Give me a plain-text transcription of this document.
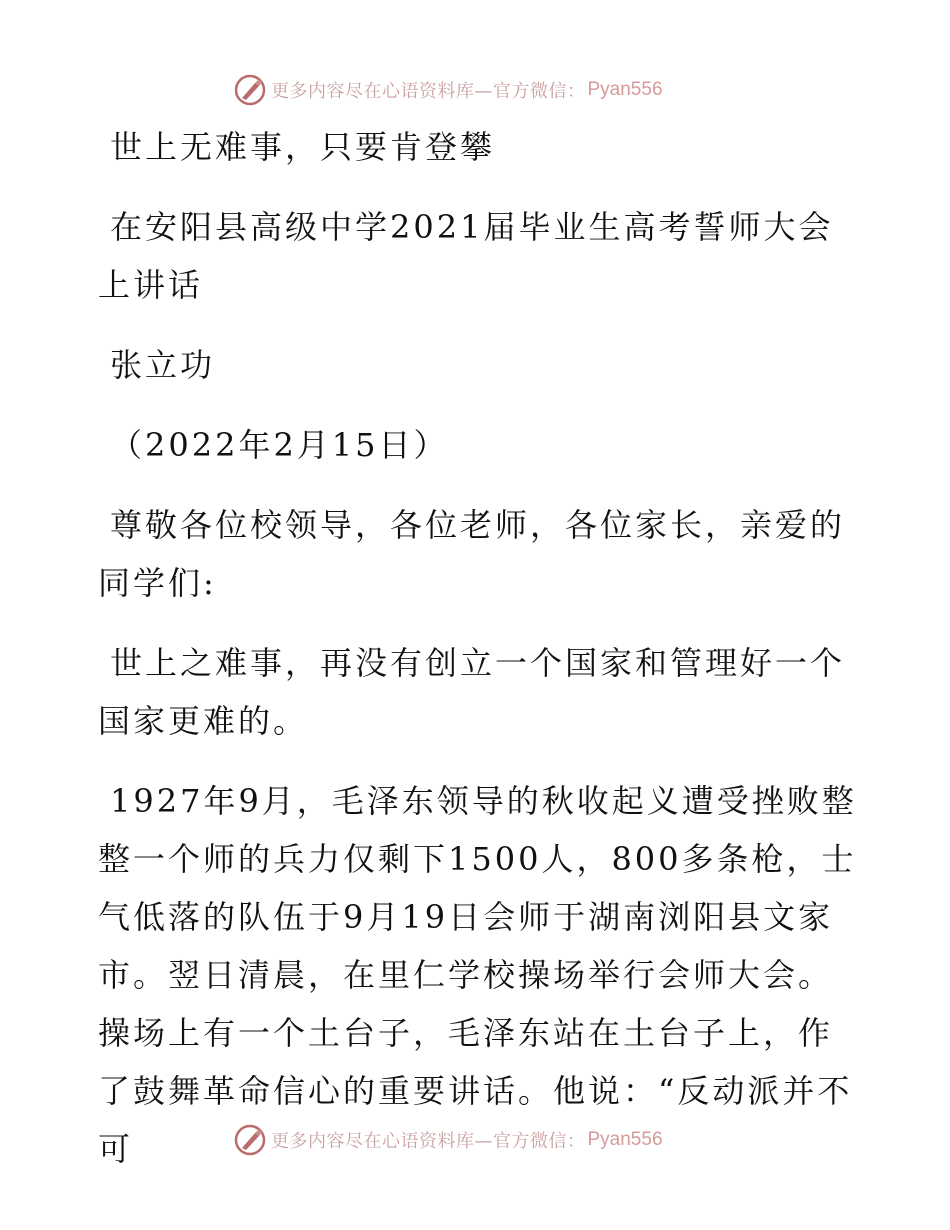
更多内容尽在心语资料库—官方微信： Pyan556

世上无难事，只要肯登攀

在安阳县高级中学2021届毕业生高考誓师大会上讲话

张立功

（2022年2月15日）

尊敬各位校领导，各位老师，各位家长，亲爱的同学们:

世上之难事，再没有创立一个国家和管理好一个国家更难的。

1927年9月，毛泽东领导的秋收起义遭受挫败整整一个师的兵力仅剩下1500人，800多条枪，士气低落的队伍于9月19日会师于湖南浏阳县文家市。翌日清晨，在里仁学校操场举行会师大会。操场上有一个土台子，毛泽东站在土台子上，作了鼓舞革命信心的重要讲话。他说：“反动派并不可	更多内容尽在心语资料库—官方微信： Pyan556
